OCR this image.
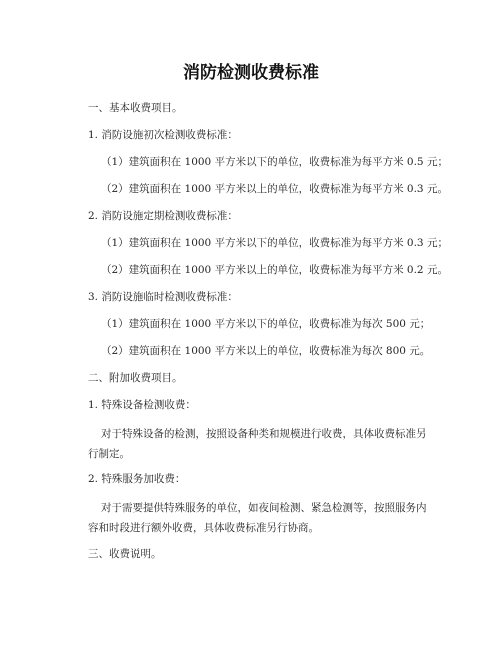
消防检测收费标准
一、基本收费项目。
1. 消防设施初次检测收费标准：
（1）建筑面积在 1000 平方米以下的单位，收费标准为每平方米 0.5 元；
（2）建筑面积在 1000 平方米以上的单位，收费标准为每平方米 0.3 元。
2. 消防设施定期检测收费标准：
（1）建筑面积在 1000 平方米以下的单位，收费标准为每平方米 0.3 元；
（2）建筑面积在 1000 平方米以上的单位，收费标准为每平方米 0.2 元。
3. 消防设施临时检测收费标准：
（1）建筑面积在 1000 平方米以下的单位，收费标准为每次 500 元；
（2）建筑面积在 1000 平方米以上的单位，收费标准为每次 800 元。
二、附加收费项目。
1. 特殊设备检测收费：
对于特殊设备的检测，按照设备种类和规模进行收费，具体收费标准另行制定。
2. 特殊服务加收费：
对于需要提供特殊服务的单位，如夜间检测、紧急检测等，按照服务内容和时段进行额外收费，具体收费标准另行协商。
三、收费说明。
